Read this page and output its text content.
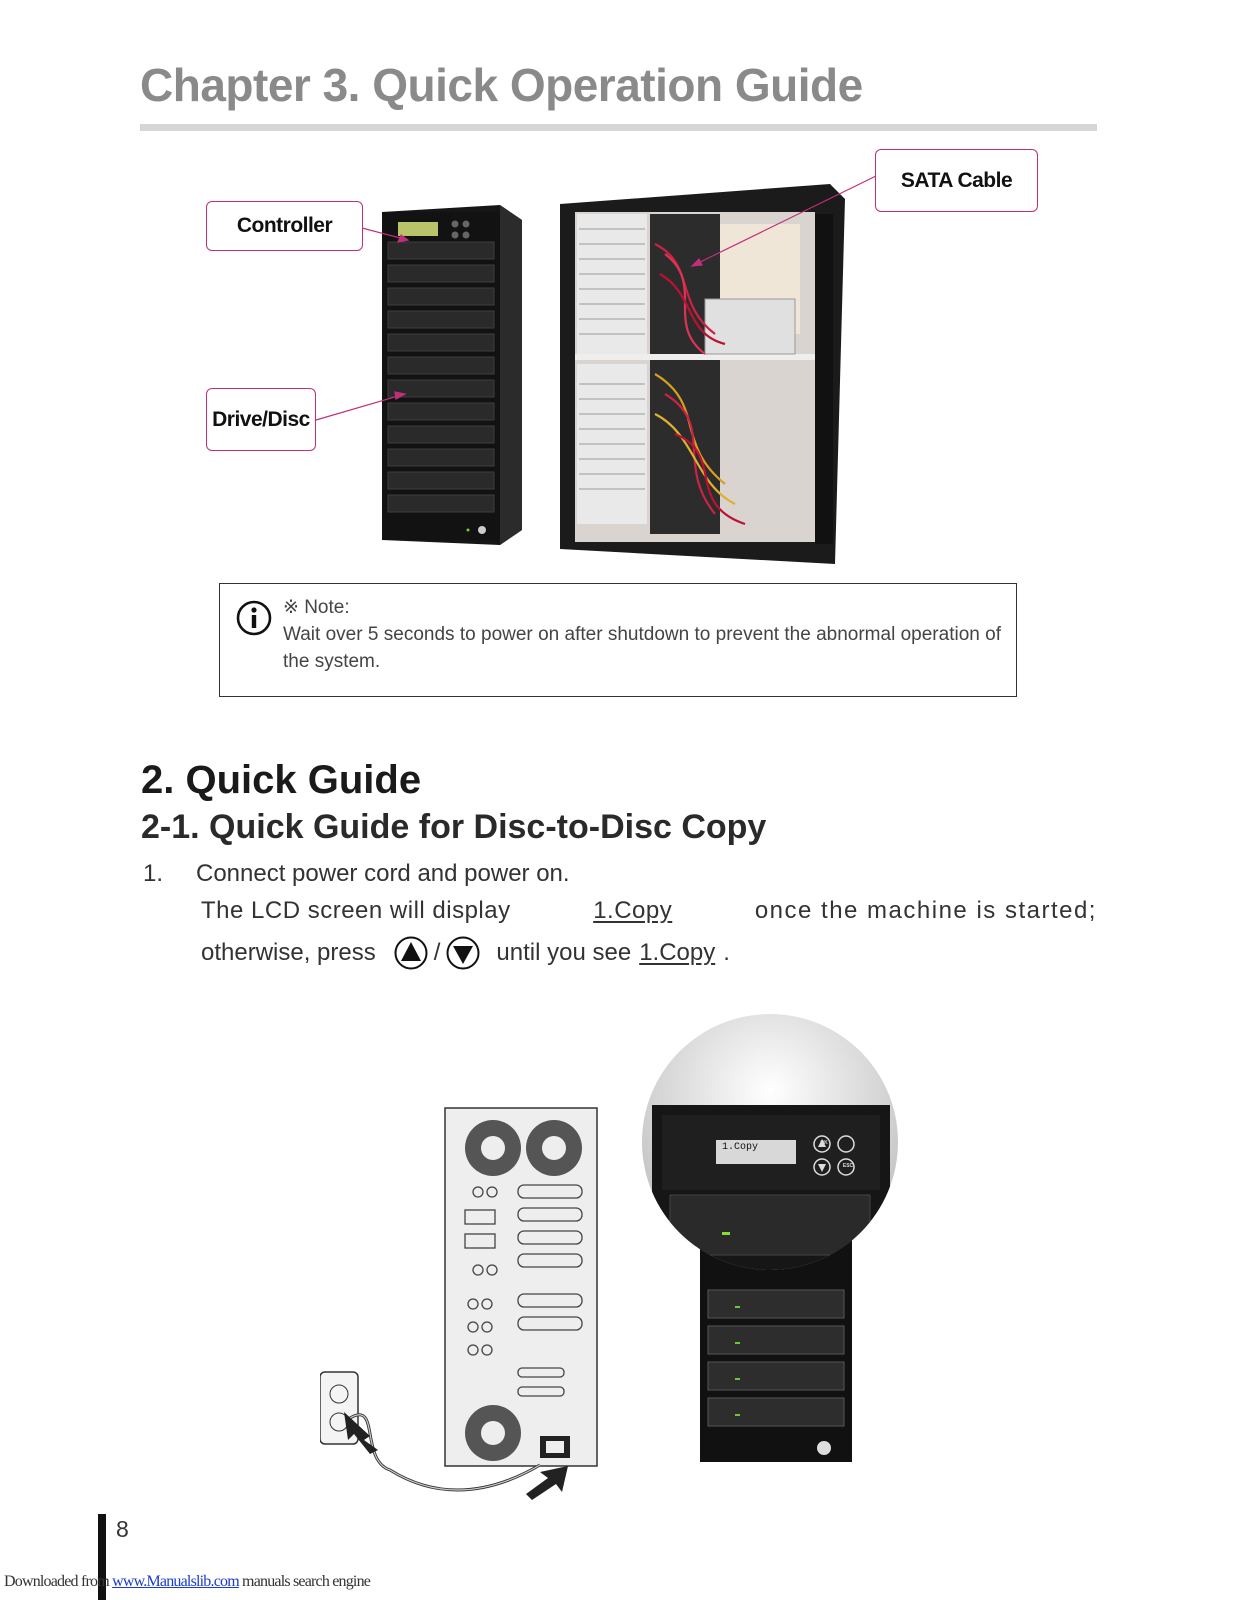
Chapter 3. Quick Operation Guide
Controller
Drive/Disc
SATA Cable
※ Note:
Wait over 5 seconds to power on after shutdown to prevent the abnormal operation of the system.
2. Quick Guide
2-1. Quick Guide for Disc-to-Disc Copy
1. Connect power cord and power on.
The LCD screen will display	1.Copy	once the machine is started;
otherwise, press / until you see 1.Copy .
1.Copy	OK
ESC
8
Downloaded from www.Manualslib.com manuals search engine
